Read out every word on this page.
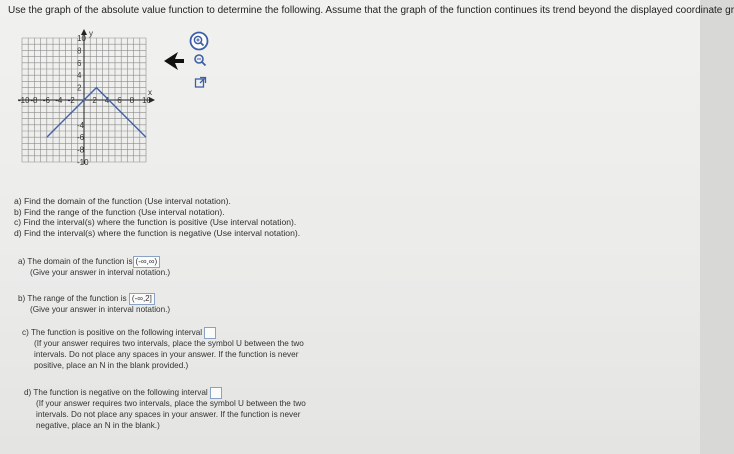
Use the graph of the absolute value function to determine the following. Assume that the graph of the function continues its trend beyond the displayed coordinate gr
y
x
10
8
6
4
2
-4
-6
-8
-10
-10 -8 -6 -4 -2 2 4 6 8 10
a) Find the domain of the function (Use interval notation).
b) Find the range of the function (Use interval notation).
c) Find the interval(s) where the function is positive (Use interval notation).
d) Find the interval(s) where the function is negative (Use interval notation).
a) The domain of the function is (-∞,∞)
(Give your answer in interval notation.)
b) The range of the function is (-∞,2]
(Give your answer in interval notation.)
c) The function is positive on the following interval
(If your answer requires two intervals, place the symbol U between the two
intervals. Do not place any spaces in your answer. If the function is never
positive, place an N in the blank provided.)
d) The function is negative on the following interval
(If your answer requires two intervals, place the symbol U between the two
intervals. Do not place any spaces in your answer. If the function is never
negative, place an N in the blank.)
